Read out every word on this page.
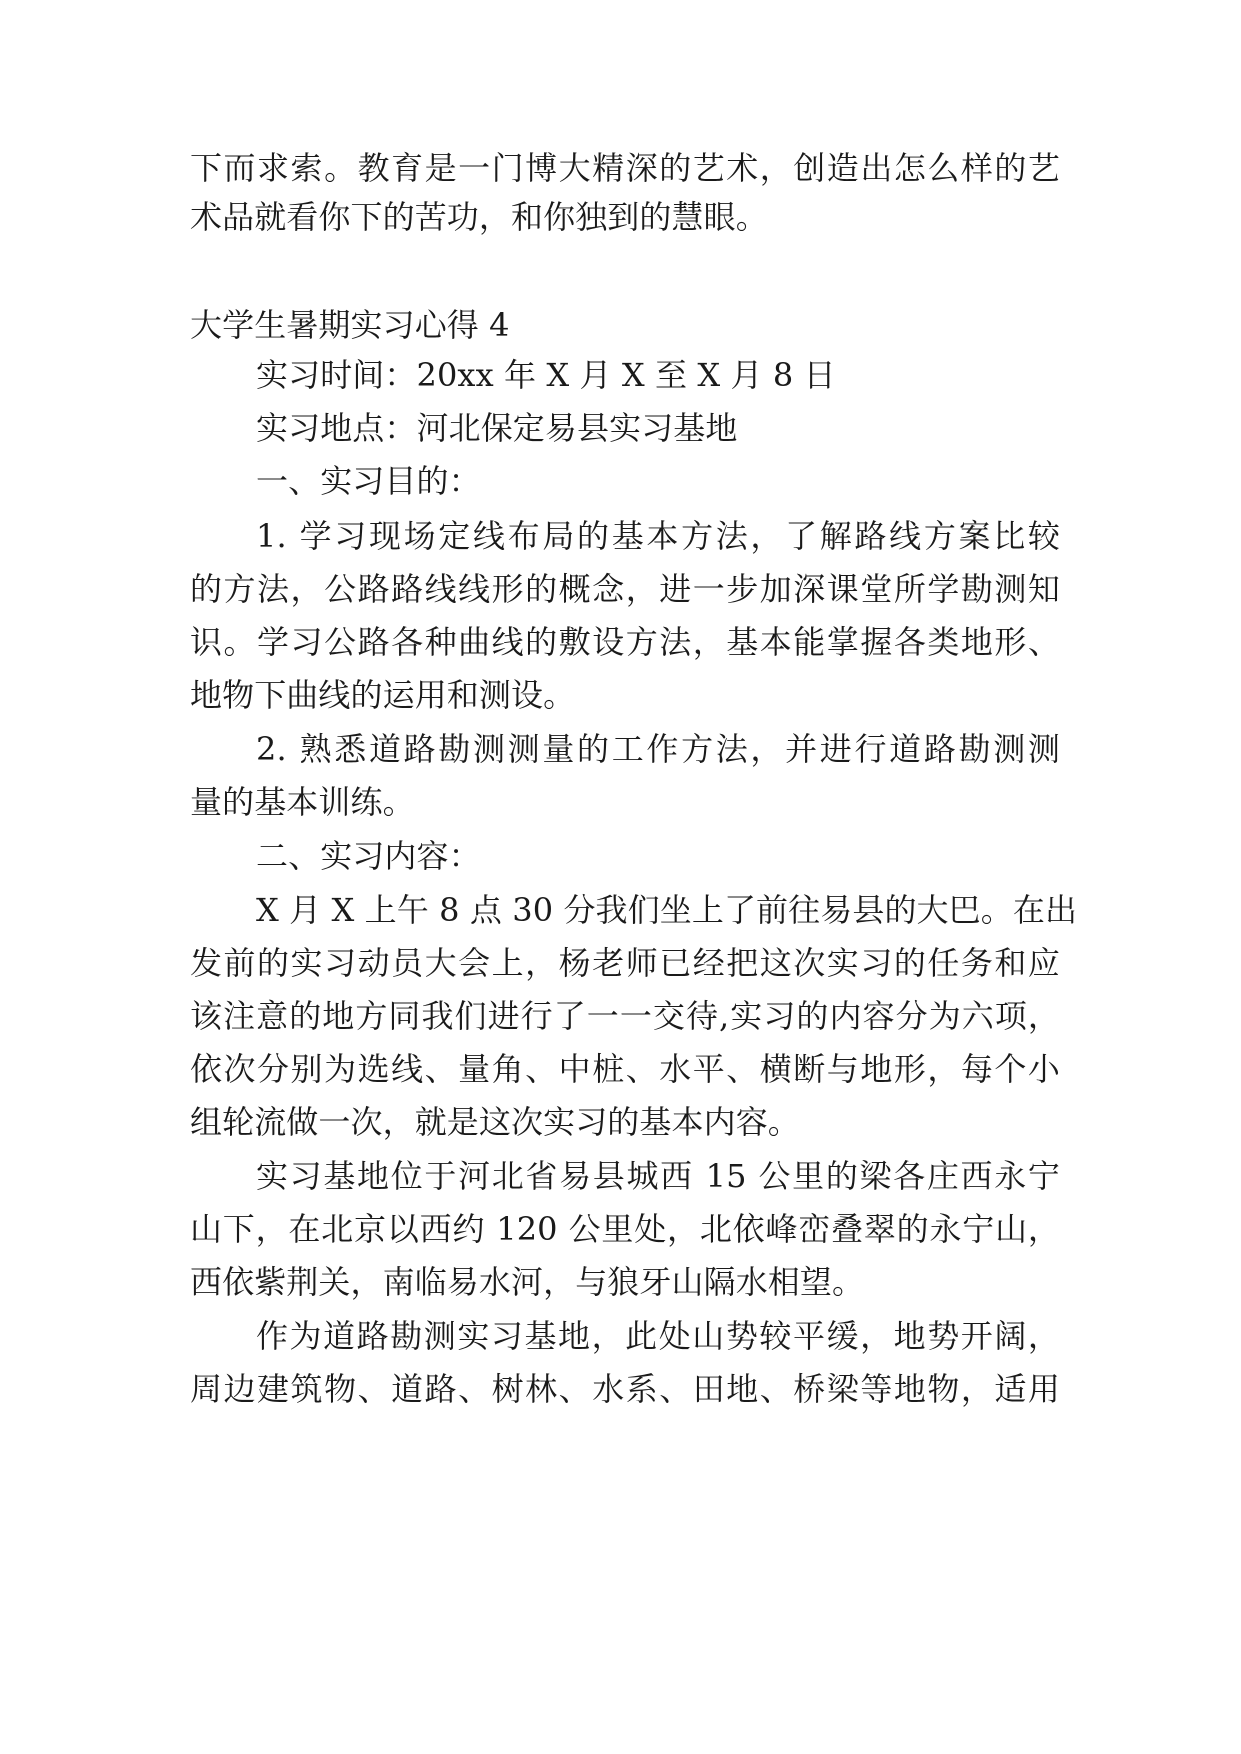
下而求索。教育是一门博大精深的艺术，创造出怎么样的艺
术品就看你下的苦功，和你独到的慧眼。
大学生暑期实习心得 4
实习时间：20xx 年 X 月 X 至 X 月 8 日
实习地点：河北保定易县实习基地
一、实习目的：
1. 学习现场定线布局的基本方法，了解路线方案比较
的方法，公路路线线形的概念，进一步加深课堂所学勘测知
识。学习公路各种曲线的敷设方法，基本能掌握各类地形、
地物下曲线的运用和测设。
2. 熟悉道路勘测测量的工作方法，并进行道路勘测测
量的基本训练。
二、实习内容：
X 月 X 上午 8 点 30 分我们坐上了前往易县的大巴。在出
发前的实习动员大会上，杨老师已经把这次实习的任务和应
该注意的地方同我们进行了一一交待,实习的内容分为六项，
依次分别为选线、量角、中桩、水平、横断与地形，每个小
组轮流做一次，就是这次实习的基本内容。
实习基地位于河北省易县城西 15 公里的梁各庄西永宁
山下，在北京以西约 120 公里处，北依峰峦叠翠的永宁山，
西依紫荆关，南临易水河，与狼牙山隔水相望。
作为道路勘测实习基地，此处山势较平缓，地势开阔，
周边建筑物、道路、树林、水系、田地、桥梁等地物，适用
